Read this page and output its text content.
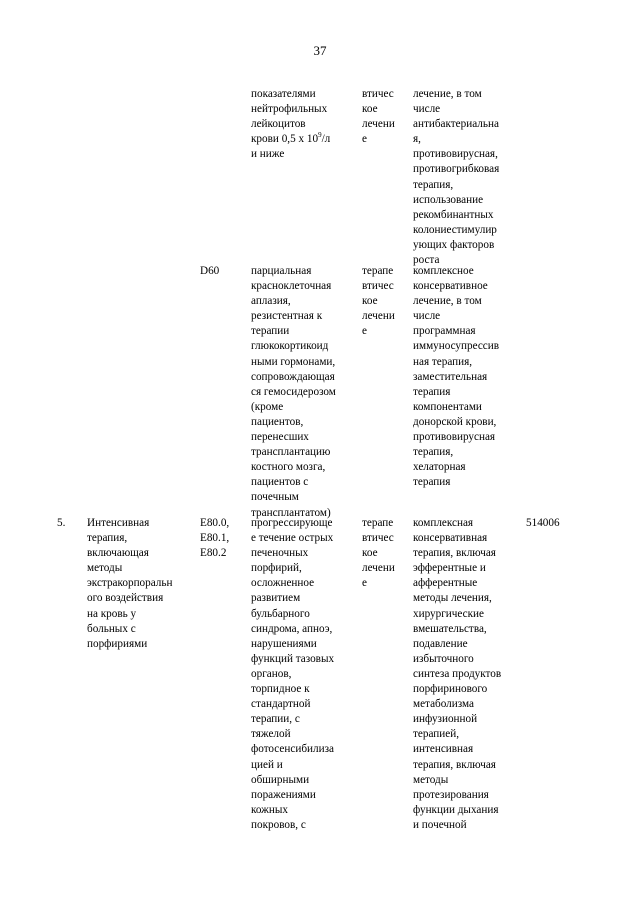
37
показателями
нейтрофильных
лейкоцитов
крови 0,5 x $10^9/л$
и ниже
втичес
кое
лечени
е
лечение, в том
числе
антибактериальна
я,
противовирусная,
противогрибковая
терапия,
использование
рекомбинантных
колониестимулир
ующих факторов
роста
D60	парциальная
красноклеточная
аплазия,
резистентная к
терапии
глюкокортикоид
ными гормонами,
сопровождающая
ся гемосидерозом
(кроме
пациентов,
перенесших
трансплантацию
костного мозга,
пациентов с
почечным
трансплантатом)
терапе
втичес
кое
лечени
е
комплексное
консервативное
лечение, в том
числе
программная
иммуносупрессив
ная терапия,
заместительная
терапия
компонентами
донорской крови,
противовирусная
терапия,
хелаторная
терапия
5. Интенсивная
терапия,
включающая
методы
экстракорпоральн
ого воздействия
на кровь у
больных с
порфириями
E80.0,
E80.1,
E80.2
прогрессирующе
е течение острых
печеночных
порфирий,
осложненное
развитием
бульбарного
синдрома, апноэ,
нарушениями
функций тазовых
органов,
торпидное к
стандартной
терапии, с
тяжелой
фотосенсибилиза
цией и
обширными
поражениями
кожных
покровов, с
терапе
втичес
кое
лечени
е
комплексная
консервативная
терапия, включая
эфферентные и
афферентные
методы лечения,
хирургические
вмешательства,
подавление
избыточного
синтеза продуктов
порфиринового
метаболизма
инфузионной
терапией,
интенсивная
терапия, включая
методы
протезирования
функции дыхания
и почечной
514006
